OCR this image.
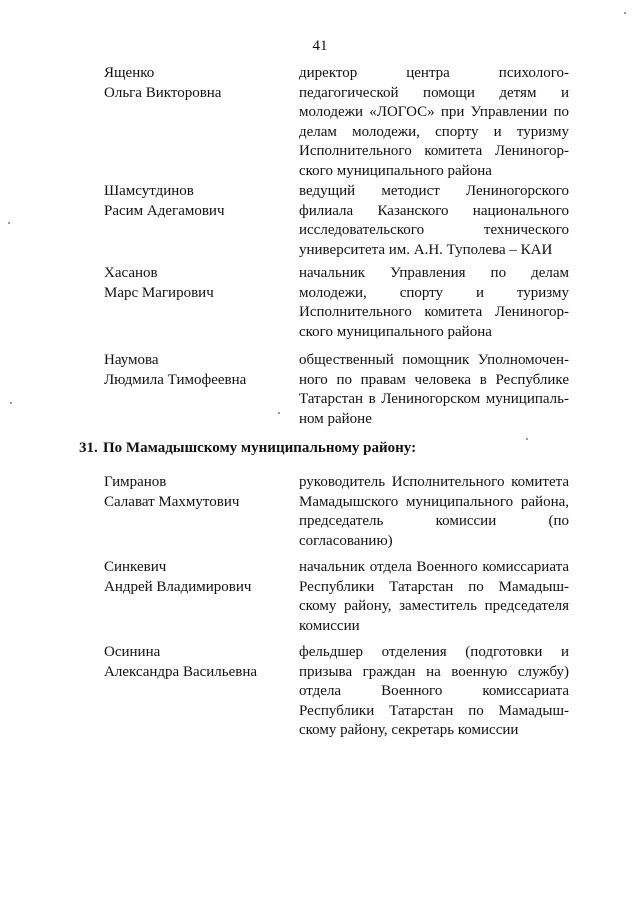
41
Ященко
Ольга Викторовна
директор центра психолого-
педагогической помощи детям и
молодежи «ЛОГОС» при Управлении по
делам молодежи, спорту и туризму
Исполнительного комитета Лениногор-
ского муниципального района
Шамсутдинов
Расим Адегамович
ведущий методист Лениногорского
филиала Казанского национального
исследовательского технического
университета им. А.Н. Туполева – КАИ
Хасанов
Марс Магирович
начальник Управления по делам
молодежи, спорту и туризму
Исполнительного комитета Лениногор-
ского муниципального района
Наумова
Людмила Тимофеевна
общественный помощник Уполномочен-
ного по правам человека в Республике
Татарстан в Лениногорском муниципаль-
ном районе
31. По Мамадышскому муниципальному району:
Гимранов
Салават Махмутович
руководитель Исполнительного комитета
Мамадышского муниципального района,
председатель комиссии (по
согласованию)
Синкевич
Андрей Владимирович
начальник отдела Военного комиссариата
Республики Татарстан по Мамадыш-
скому району, заместитель председателя
комиссии
Осинина
Александра Васильевна
фельдшер отделения (подготовки и
призыва граждан на военную службу)
отдела Военного комиссариата
Республики Татарстан по Мамадыш-
скому району, секретарь комиссии
